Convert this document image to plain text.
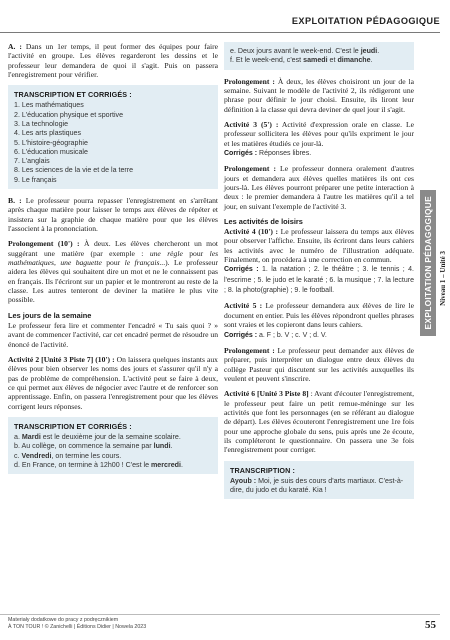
EXPLOITATION PÉDAGOGIQUE

A. : Dans un 1er temps, il peut former des équipes pour faire l'activité en groupe. Les élèves regarderont les dessins et le professeur leur demandera de quoi il s'agit. Puis on passera l'enregistrement pour vérifier.

TRANSCRIPTION ET CORRIGÉS :
1. Les mathématiques
2. L'éducation physique et sportive
3. La technologie
4. Les arts plastiques
5. L'histoire-géographie
6. L'éducation musicale
7. L'anglais
8. Les sciences de la vie et de la terre
9. Le français

B. : Le professeur pourra repasser l'enregistrement en s'arrêtant après chaque matière pour laisser le temps aux élèves de répéter et insistera sur la graphie de chaque matière pour que les élèves l'associent à la prononciation.

Prolongement (10') : À deux. Les élèves chercheront un mot suggérant une matière (par exemple : une règle pour les mathématiques, une baguette pour le français...). Le professeur aidera les élèves qui souhaitent dire un mot et ne le connaissent pas en français. Ils l'écriront sur un papier et le montreront au reste de la classe. Les autres tenteront de deviner la matière le plus vite possible.

Les jours de la semaine

Le professeur fera lire et commenter l'encadré « Tu sais quoi ? » avant de commencer l'activité, car cet encadré permet de résoudre un énoncé de l'activité.

Activité 2 [Unité 3 Piste 7] (10') : On laissera quelques instants aux élèves pour bien observer les noms des jours et s'assurer qu'il n'y a pas de problème de compréhension. L'activité peut se faire à deux, ce qui permet aux élèves de négocier avec l'autre et de renforcer son apprentissage. Enfin, on passera l'enregistrement pour que les élèves corrigent leurs réponses.

TRANSCRIPTION ET CORRIGÉS :
a. Mardi est le deuxième jour de la semaine scolaire.
b. Au collège, on commence la semaine par lundi.
c. Vendredi, on termine les cours.
d. En France, on termine à 12h00 ! C'est le mercredi.
e. Deux jours avant le week-end. C'est le jeudi.
f. Et le week-end, c'est samedi et dimanche.

Prolongement : À deux, les élèves choisiront un jour de la semaine. Suivant le modèle de l'activité 2, ils rédigeront une phrase pour définir le jour choisi. Ensuite, ils liront leur définition à la classe qui devra deviner de quel jour il s'agit.

Activité 3 (5') : Activité d'expression orale en classe. Le professeur sollicitera les élèves pour qu'ils expriment le jour et les matières étudiés ce jour-là.
Corrigés : Réponses libres.

Prolongement : Le professeur donnera oralement d'autres jours et demandera aux élèves quelles matières ils ont ces jours-là. Les élèves pourront préparer une petite interaction à deux : le premier demandera à l'autre les matières qu'il a tel jour, en suivant l'exemple de l'activité 3.

Les activités de loisirs

Activité 4 (10') : Le professeur laissera du temps aux élèves pour observer l'affiche. Ensuite, ils écriront dans leurs cahiers les activités avec le numéro de l'illustration adéquate. Finalement, on procédera à une correction en commun.
Corrigés : 1. la natation ; 2. le théâtre ; 3. le tennis ; 4. l'escrime ; 5. le judo et le karaté ; 6. la musique ; 7. la lecture ; 8. la photo(graphie) ; 9. le football.

Activité 5 : Le professeur demandera aux élèves de lire le document en entier. Puis les élèves répondront quelles phrases sont vraies et les copieront dans leurs cahiers.
Corrigés : a. F ; b. V ; c. V ; d. V.

Prolongement : Le professeur peut demander aux élèves de préparer, puis interpréter un dialogue entre deux élèves du collège Pasteur qui discutent sur les activités auxquelles ils veulent et peuvent s'inscrire.

Activité 6 [Unité 3 Piste 8] : Avant d'écouter l'enregistrement, le professeur peut faire un petit remue-méninge sur les activités que font les personnages (en se référant au dialogue de départ). Les élèves écouteront l'enregistrement une 1re fois pour une approche globale du sens, puis après une 2e écoute, ils compléteront le questionnaire. On passera une 3e fois l'enregistrement pour corriger.

TRANSCRIPTION :
Ayoub : Moi, je suis des cours d'arts martiaux. C'est-à-dire, du judo et du karaté. Kia !
EXPLOITATION PÉDAGOGIQUE Niveau 1 – Unité 3
Materiały dodatkowe do pracy z podręcznikiem
À TON TOUR ! © Zanichelli | Éditions Didier | Nowela 2023	55
